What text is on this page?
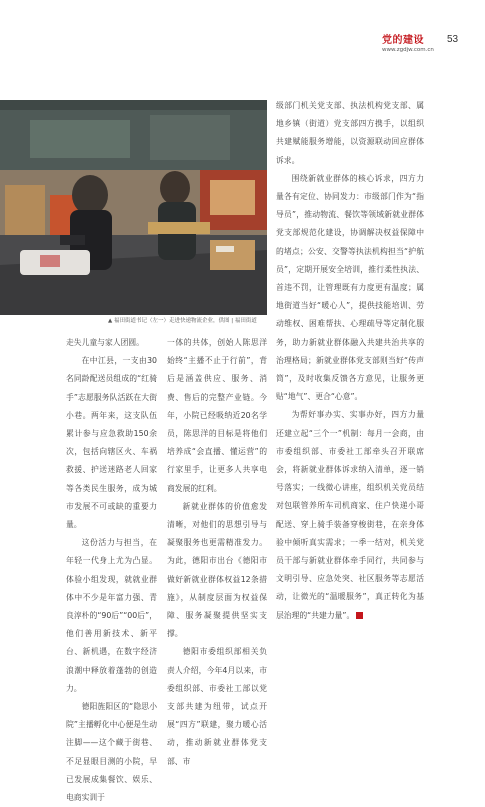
党的建设
www.zgdjw.com.cn
53
▲ 福田街道书记（左一）走进快递物流企业，供图 | 福田街道

走失儿童与家人团圆。

在中江县，一支由30名同龄配送员组成的“红骑手”志愿服务队活跃在大街小巷。两年来，这支队伍累计参与应急救助150余次，包括向辖区火、车祸救援、护送迷路老人回家等各类民生服务，成为城市发展不可或缺的重要力量。

这份活力与担当，在年轻一代身上尤为凸显。体验小组发现，就就业群体中不少是年富力强、青良淳朴的“90后”“00后”，他们善用新技术、新平台、新机遇，在数字经济浪潮中释放着蓬勃的创造力。

德阳旌阳区的“隐思小院”主播孵化中心便是生动注脚——这个藏于街巷、不足显眼目测的小院，早已发展成集餐饮、娱乐、电商实训于

一体的共体，创始人陈思洋始终“主播不止于行前”，背后是涵盖供应、服务、消费、售后的完整产业链。今年，小院已经吸纳近20名学员，陈思洋的目标是将他们培养成“会直播、懂运营”的行家里手，让更多人共享电商发展的红利。

新就业群体的价值愈发清晰，对他们的思想引导与凝聚服务也更需精准发力。为此，德阳市出台《德阳市做好新就业群体权益12条措施》，从制度层面为权益保障、服务凝聚提供坚实支撑。

德阳市委组织部相关负责人介绍，今年4月以来，市委组织部、市委社工部以党支部共建为纽带，试点开展“四方”联建，聚力暖心活动，推动新就业群体党支部、市

级部门机关党支部、执法机构党支部、属地乡镇（街道）党支部四方携手，以组织共建赋能服务增能，以资源联动回应群体诉求。

围绕新就业群体的核心诉求，四方力量各有定位、协同发力：市级部门作为“指导员”，推动物流、餐饮等领域新就业群体党支部规范化建设，协调解决权益保障中的堵点；公安、交警等执法机构担当“护航员”，定期开展安全培训，推行柔性执法、首违不罚，让管理既有力度更有温度；属地街道当好“暖心人”，提供技能培训、劳动维权、困难帮扶、心理疏导等定制化服务，助力新就业群体融入共建共治共享的治理格局；新就业群体党支部则当好“传声筒”，及时收集反馈各方意见，让服务更贴“地气”、更合“心意”。

为帮好事办实、实事办好，四方力量还建立起“三个一”机制：每月一会商，由市委组织部、市委社工部牵头召开联席会，将新就业群体诉求纳入清单，逐一销号落实；一线微心讲座，组织机关党员结对包联管养所车司机商家、住户快递小哥配送、穿上骑手装备穿梭街巷，在亲身体验中倾听真实需求；一季一结对，机关党员干部与新就业群体牵手同行，共同参与文明引导、应急处突、社区服务等志愿活动，让微光的“温暖服务”，真正转化为基层治理的“共建力量”。
